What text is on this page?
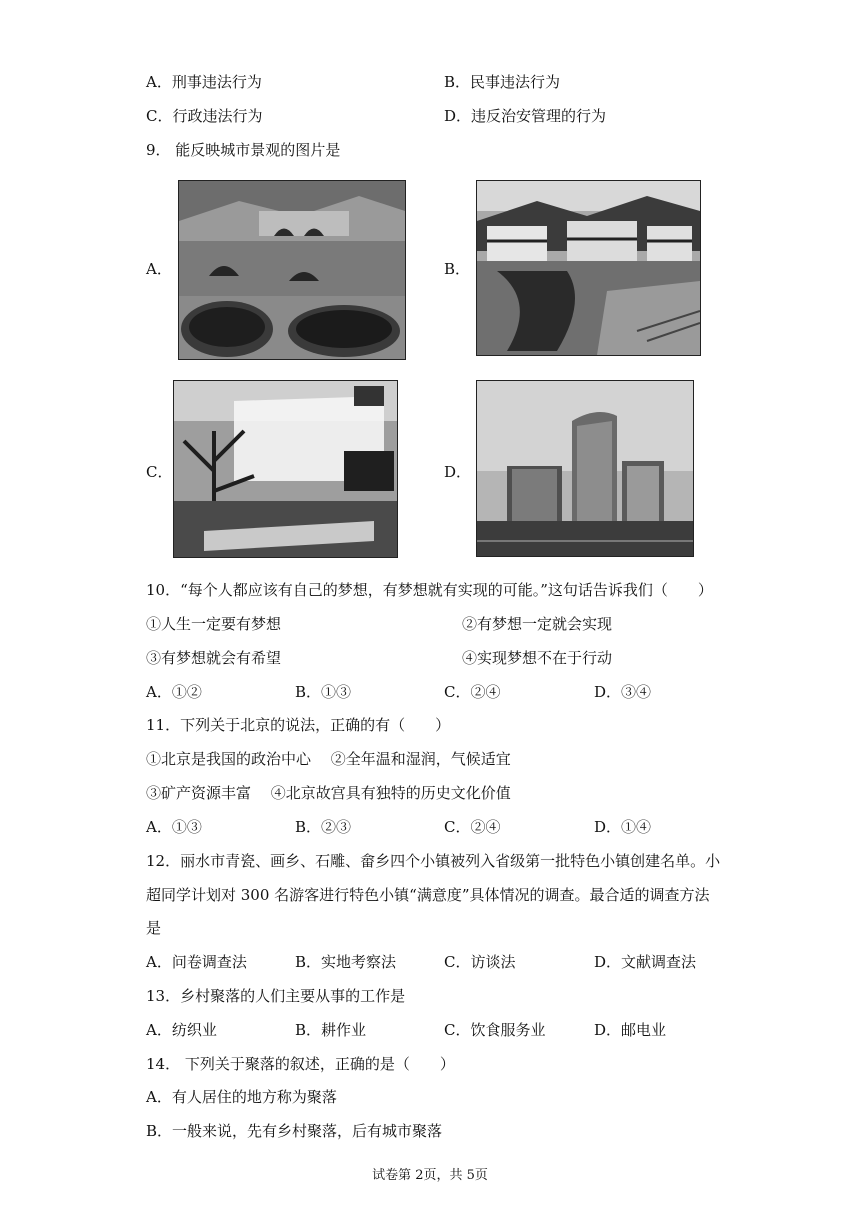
A．刑事违法行为	B．民事违法行为
C．行政违法行为	D．违反治安管理的行为
9． 能反映城市景观的图片是
A．	B．
C．	D．
10．“每个人都应该有自己的梦想，有梦想就有实现的可能。”这句话告诉我们（　　）
①人生一定要有梦想	②有梦想一定就会实现
③有梦想就会有希望	④实现梦想不在于行动
A．①②	B．①③	C．②④	D．③④
11．下列关于北京的说法，正确的有（　　）
①北京是我国的政治中心　 ②全年温和湿润，气候适宜
③矿产资源丰富　 ④北京故宫具有独特的历史文化价值
A．①③	B．②③	C．②④	D．①④
12．丽水市青瓷、画乡、石雕、畲乡四个小镇被列入省级第一批特色小镇创建名单。小
超同学计划对 300 名游客进行特色小镇“满意度”具体情况的调查。最合适的调查方法
是
A．问卷调查法	B．实地考察法	C．访谈法	D．文献调查法
13．乡村聚落的人们主要从事的工作是
A．纺织业	B．耕作业	C．饮食服务业	D．邮电业
14． 下列关于聚落的叙述，正确的是（　　）
A．有人居住的地方称为聚落
B．一般来说，先有乡村聚落，后有城市聚落
试卷第 2页，共 5页
